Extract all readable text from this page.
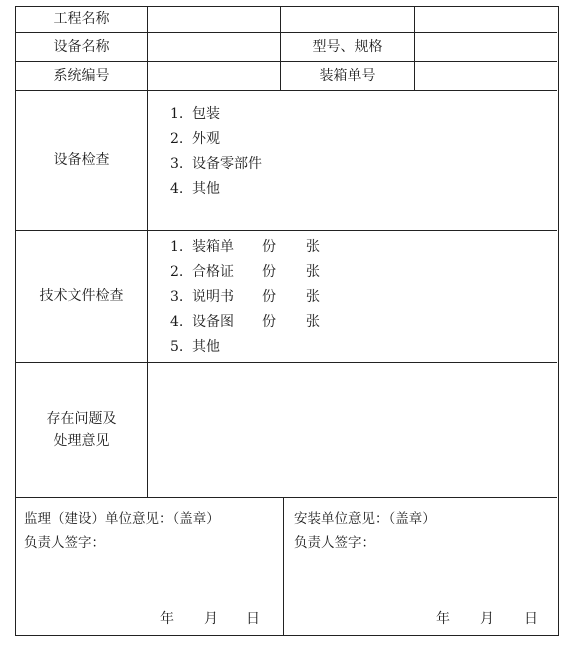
工程名称
设备名称	型号、规格
系统编号	装箱单号
设备检查
1. 包装
2. 外观
3. 设备零部件
4. 其他
技术文件检查
1. 装箱单 份 张
2. 合格证 份 张
3. 说明书 份 张
4. 设备图 份 张
5. 其他
存在问题及
处理意见
监理（建设）单位意见：（盖章）
负责人签字：
年 月 日
安装单位意见：（盖章）
负责人签字：
年 月 日
